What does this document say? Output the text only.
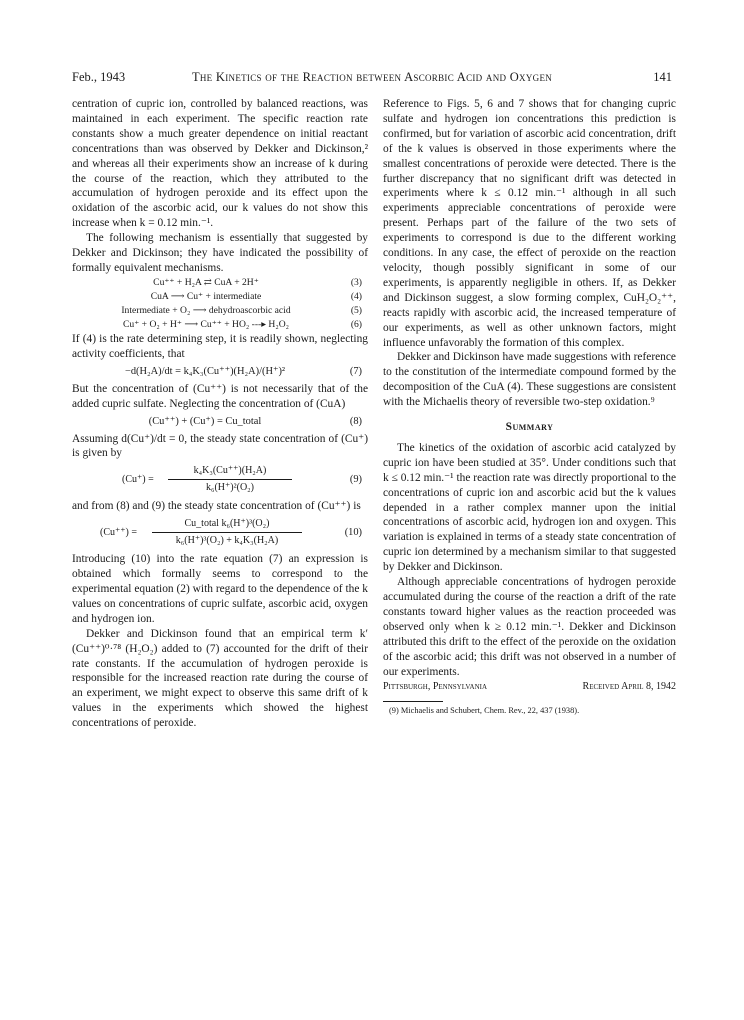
Feb., 1943	The Kinetics of the Reaction between Ascorbic Acid and Oxygen	141

centration of cupric ion, controlled by balanced reactions, was maintained in each experiment. The specific reaction rate constants show a much greater dependence on initial reactant concentrations than was observed by Dekker and Dickinson,² and whereas all their experiments show an increase of k during the course of the reaction, which they attributed to the accumulation of hydrogen peroxide and its effect upon the oxidation of the ascorbic acid, our k values do not show this increase when k = 0.12 min.⁻¹.

The following mechanism is essentially that suggested by Dekker and Dickinson; they have indicated the possibility of formally equivalent mechanisms.

Cu⁺⁺ + H₂A ⇄ CuA + 2H⁺	(3)
CuA ⟶ Cu⁺ + intermediate	(4)
Intermediate + O₂ ⟶ dehydroascorbic acid	(5)
Cu⁺ + O₂ + H⁺ ⟶ Cu⁺⁺ + HO₂ ---▸ H₂O₂	(6)

If (4) is the rate determining step, it is readily shown, neglecting activity coefficients, that

−d(H₂A)/dt = k₄K₃(Cu⁺⁺)(H₂A)/(H⁺)²	(7)

But the concentration of (Cu⁺⁺) is not necessarily that of the added cupric sulfate. Neglecting the concentration of (CuA)

(Cu⁺⁺) + (Cu⁺) = Cu_total	(8)

Assuming d(Cu⁺)/dt = 0, the steady state concentration of (Cu⁺) is given by

(Cu⁺) =
k₄K₃(Cu⁺⁺)(H₂A)
k₆(H⁺)²(O₂)
(9)

and from (8) and (9) the steady state concentration of (Cu⁺⁺) is

(Cu⁺⁺) =
Cu_total k₆(H⁺)³(O₂)
k₆(H⁺)³(O₂) + k₄K₃(H₂A)
(10)

Introducing (10) into the rate equation (7) an expression is obtained which formally seems to correspond to the experimental equation (2) with regard to the dependence of the k values on concentrations of cupric sulfate, ascorbic acid, oxygen and hydrogen ion.

Dekker and Dickinson found that an empirical term k′(Cu⁺⁺)⁰·⁷⁸ (H₂O₂) added to (7) accounted for the drift of their rate constants. If the accumulation of hydrogen peroxide is responsible for the increased reaction rate during the course of an experiment, we might expect to observe this same drift of k values in the experiments which showed the highest concentrations of peroxide.

Reference to Figs. 5, 6 and 7 shows that for changing cupric sulfate and hydrogen ion concentrations this prediction is confirmed, but for variation of ascorbic acid concentration, drift of the k values is observed in those experiments where the smallest concentrations of peroxide were detected. There is the further discrepancy that no significant drift was detected in experiments where k ≤ 0.12 min.⁻¹ although in all such experiments appreciable concentrations of peroxide were present. Perhaps part of the failure of the two sets of experiments to correspond is due to the different working conditions. In any case, the effect of peroxide on the reaction velocity, though possibly significant in some of our experiments, is apparently negligible in others. If, as Dekker and Dickinson suggest, a slow forming complex, CuH₂O₂⁺⁺, reacts rapidly with ascorbic acid, the increased temperature of our experiments, as well as other unknown factors, might influence unfavorably the formation of this complex.

Dekker and Dickinson have made suggestions with reference to the constitution of the intermediate compound formed by the decomposition of the CuA (4). These suggestions are consistent with the Michaelis theory of reversible two-step oxidation.⁹

Summary

The kinetics of the oxidation of ascorbic acid catalyzed by cupric ion have been studied at 35°. Under conditions such that k ≤ 0.12 min.⁻¹ the reaction rate was directly proportional to the concentrations of cupric ion and ascorbic acid but the k values depended in a rather complex manner upon the initial concentrations of ascorbic acid, hydrogen ion and oxygen. This variation is explained in terms of a steady state concentration of cupric ion determined by a mechanism similar to that suggested by Dekker and Dickinson.

Although appreciable concentrations of hydrogen peroxide accumulated during the course of the reaction a drift of the rate constants toward higher values as the reaction proceeded was observed only when k ≥ 0.12 min.⁻¹. Dekker and Dickinson attributed this drift to the effect of the peroxide on the oxidation of the ascorbic acid; this drift was not observed in a number of our experiments.

Pittsburgh, Pennsylvania	Received April 8, 1942
(9) Michaelis and Schubert, Chem. Rev., 22, 437 (1938).
